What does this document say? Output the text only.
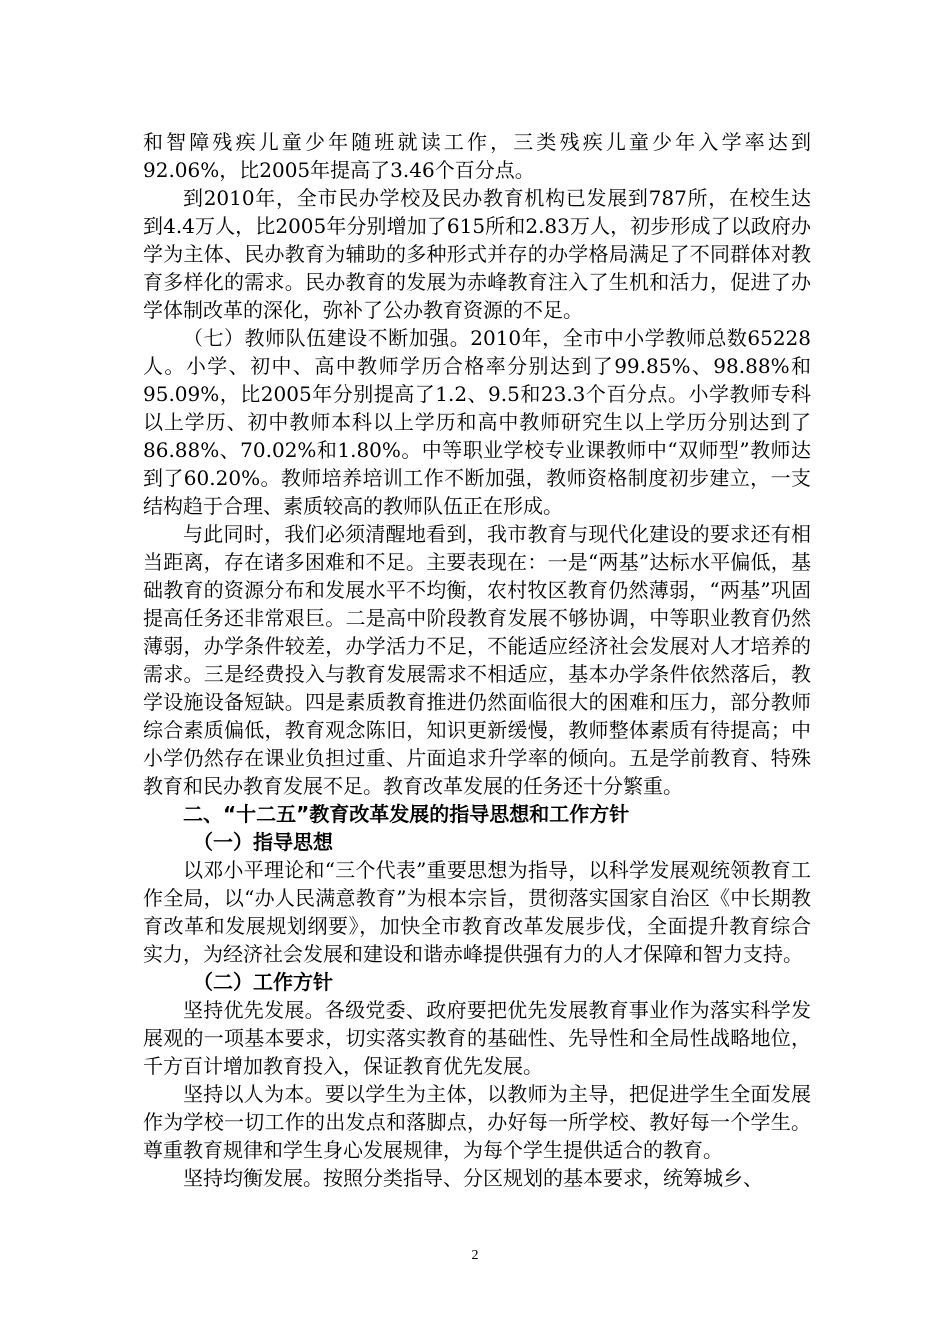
和智障残疾儿童少年随班就读工作，三类残疾儿童少年入学率达到92.06%，比2005年提高了3.46个百分点。

到2010年，全市民办学校及民办教育机构已发展到787所，在校生达到4.4万人，比2005年分别增加了615所和2.83万人，初步形成了以政府办学为主体、民办教育为辅助的多种形式并存的办学格局满足了不同群体对教育多样化的需求。民办教育的发展为赤峰教育注入了生机和活力，促进了办学体制改革的深化，弥补了公办教育资源的不足。

（七）教师队伍建设不断加强。2010年，全市中小学教师总数65228人。小学、初中、高中教师学历合格率分别达到了99.85%、98.88%和95.09%，比2005年分别提高了1.2、9.5和23.3个百分点。小学教师专科以上学历、初中教师本科以上学历和高中教师研究生以上学历分别达到了86.88%、70.02%和1.80%。中等职业学校专业课教师中“双师型”教师达到了60.20%。教师培养培训工作不断加强，教师资格制度初步建立，一支结构趋于合理、素质较高的教师队伍正在形成。

与此同时，我们必须清醒地看到，我市教育与现代化建设的要求还有相当距离，存在诸多困难和不足。主要表现在：一是“两基”达标水平偏低，基础教育的资源分布和发展水平不均衡，农村牧区教育仍然薄弱，“两基”巩固提高任务还非常艰巨。二是高中阶段教育发展不够协调，中等职业教育仍然薄弱，办学条件较差，办学活力不足，不能适应经济社会发展对人才培养的需求。三是经费投入与教育发展需求不相适应，基本办学条件依然落后，教学设施设备短缺。四是素质教育推进仍然面临很大的困难和压力，部分教师综合素质偏低，教育观念陈旧，知识更新缓慢，教师整体素质有待提高；中小学仍然存在课业负担过重、片面追求升学率的倾向。五是学前教育、特殊教育和民办教育发展不足。教育改革发展的任务还十分繁重。

二、“十二五”教育改革发展的指导思想和工作方针

（一）指导思想

以邓小平理论和“三个代表”重要思想为指导，以科学发展观统领教育工作全局，以“办人民满意教育”为根本宗旨，贯彻落实国家自治区《中长期教育改革和发展规划纲要》，加快全市教育改革发展步伐，全面提升教育综合实力，为经济社会发展和建设和谐赤峰提供强有力的人才保障和智力支持。

（二）工作方针

坚持优先发展。各级党委、政府要把优先发展教育事业作为落实科学发展观的一项基本要求，切实落实教育的基础性、先导性和全局性战略地位，千方百计增加教育投入，保证教育优先发展。

坚持以人为本。要以学生为主体，以教师为主导，把促进学生全面发展作为学校一切工作的出发点和落脚点，办好每一所学校、教好每一个学生。尊重教育规律和学生身心发展规律，为每个学生提供适合的教育。

坚持均衡发展。按照分类指导、分区规划的基本要求，统筹城乡、

2
